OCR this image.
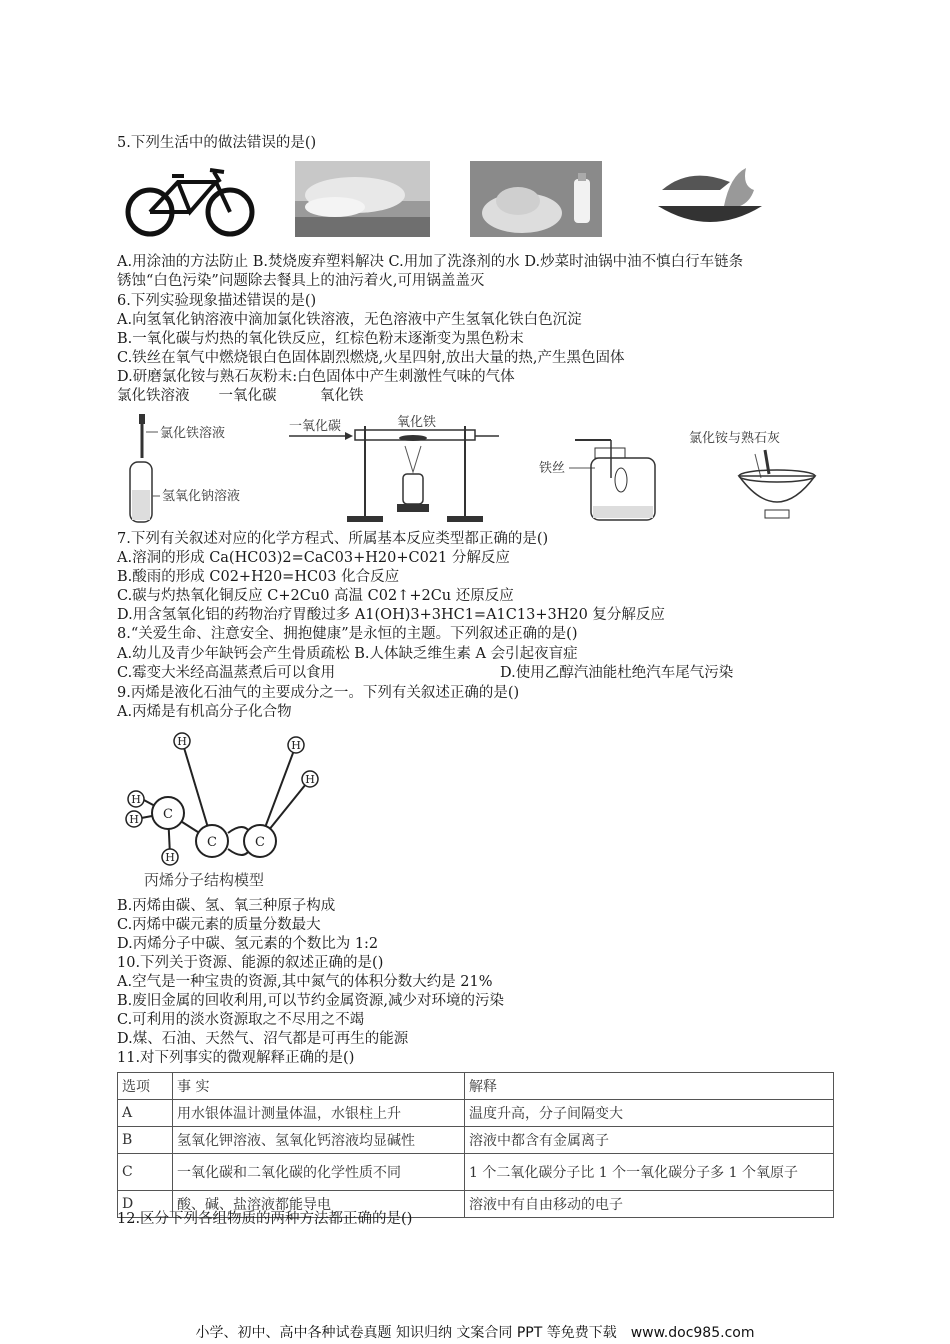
5.下列生活中的做法错误的是()
A.用涂油的方法防止 B.焚烧废弃塑料解决 C.用加了洗涤剂的水 D.炒菜时油锅中油不慎白行车链条
锈蚀“白色污染”问题除去餐具上的油污着火,可用锅盖盖灭
6.下列实验现象描述错误的是()
A.向氢氧化钠溶液中滴加氯化铁溶液，无色溶液中产生氢氧化铁白色沉淀
B.一氧化碳与灼热的氧化铁反应，红棕色粉末逐渐变为黑色粉末
C.铁丝在氧气中燃烧银白色固体剧烈燃烧,火星四射,放出大量的热,产生黑色固体
D.研磨氯化铵与熟石灰粉末:白色固体中产生刺激性气味的气体
氯化铁溶液　　一氧化碳　　　氧化铁
氯化铁溶液
氢氧化钠溶液
一氧化碳	氧化铁
铁丝
氯化铵与熟石灰
7.下列有关叙述对应的化学方程式、所属基本反应类型都正确的是()
A.溶洞的形成 Ca(HC03)2=CaC03+H20+C021 分解反应
B.酸雨的形成 C02+H20=HC03 化合反应
C.碳与灼热氧化铜反应 C+2Cu0 高温 C02↑+2Cu 还原反应
D.用含氢氧化铝的药物治疗胃酸过多 A1(OH)3+3HC1=A1C13+3H20 复分解反应
8.“关爱生命、注意安全、拥抱健康”是永恒的主题。下列叙述正确的是()
A.幼儿及青少年缺钙会产生骨质疏松 B.人体缺乏维生素 A 会引起夜盲症
C.霉变大米经高温蒸煮后可以食用	D.使用乙醇汽油能杜绝汽车尾气污染
9.丙烯是液化石油气的主要成分之一。下列有关叙述正确的是()
A.丙烯是有机高分子化合物
C	C
C
H	H
H
H
H
H
丙烯分子结构模型
B.丙烯由碳、氢、氧三种原子构成
C.丙烯中碳元素的质量分数最大
D.丙烯分子中碳、氢元素的个数比为 1:2
10.下列关于资源、能源的叙述正确的是()
A.空气是一种宝贵的资源,其中氮气的体积分数大约是 21%
B.废旧金属的回收利用,可以节约金属资源,减少对环境的污染
C.可利用的淡水资源取之不尽用之不竭
D.煤、石油、天然气、沼气都是可再生的能源
11.对下列事实的微观解释正确的是()
选项	事 实	解释
A	用水银体温计测量体温，水银柱上升	温度升高，分子间隔变大
B	氢氧化钾溶液、氢氧化钙溶液均显碱性	溶液中都含有金属离子
C	一氧化碳和二氧化碳的化学性质不同	1 个二氧化碳分子比 1 个一氧化碳分子多 1 个氧原子
D	酸、碱、盐溶液都能导电	溶液中有自由移动的电子
12.区分下列各组物质的两种方法都正确的是()
小学、初中、高中各种试卷真题 知识归纳 文案合同 PPT 等免费下载　www.doc985.com
